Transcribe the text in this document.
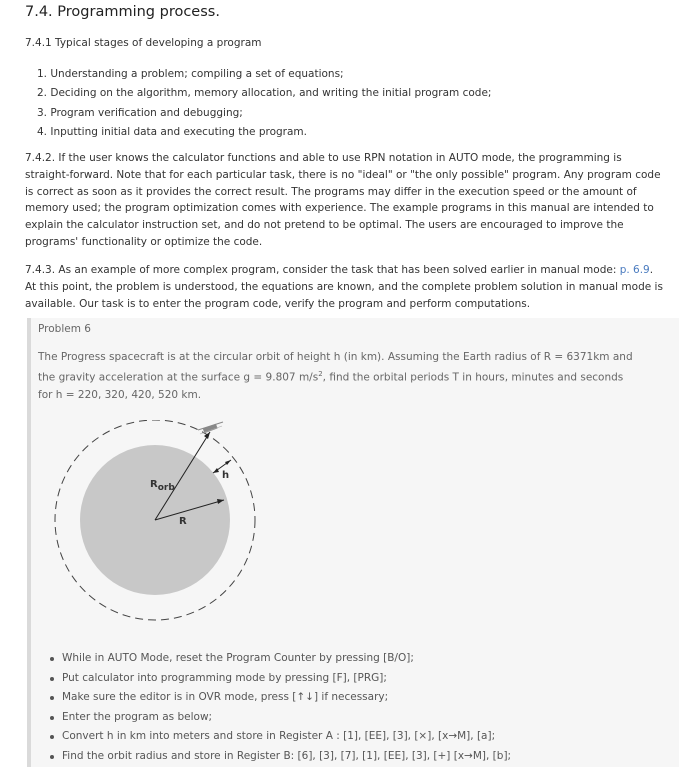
7.4. Programming process.
7.4.1 Typical stages of developing a program
1. Understanding a problem; compiling a set of equations;
2. Deciding on the algorithm, memory allocation, and writing the initial program code;
3. Program verification and debugging;
4. Inputting initial data and executing the program.

7.4.2. If the user knows the calculator functions and able to use RPN notation in AUTO mode, the programming is straight-forward. Note that for each particular task, there is no "ideal" or "the only possible" program. Any program code is correct as soon as it provides the correct result. The programs may differ in the execution speed or the amount of memory used; the program optimization comes with experience. The example programs in this manual are intended to explain the calculator instruction set, and do not pretend to be optimal. The users are encouraged to improve the programs' functionality or optimize the code.

7.4.3. As an example of more complex program, consider the task that has been solved earlier in manual mode: p. 6.9. At this point, the problem is understood, the equations are known, and the complete problem solution in manual mode is available. Our task is to enter the program code, verify the program and perform computations.

Problem 6

The Progress spacecraft is at the circular orbit of height h (in km). Assuming the Earth radius of R = 6371km and the gravity acceleration at the surface g = 9.807 $m/s^2$, find the orbital periods T in hours, minutes and seconds for h = 220, 320, 420, 520 km.

Rorb
R
h
While in AUTO Mode, reset the Program Counter by pressing [B/O];
Put calculator into programming mode by pressing [F], [PRG];
Make sure the editor is in OVR mode, press [↑↓] if necessary;
Enter the program as below;
Convert h in km into meters and store in Register A : [1], [EE], [3], [×], [x→M], [a];
Find the orbit radius and store in Register B: [6], [3], [7], [1], [EE], [3], [+] [x→M], [b];
